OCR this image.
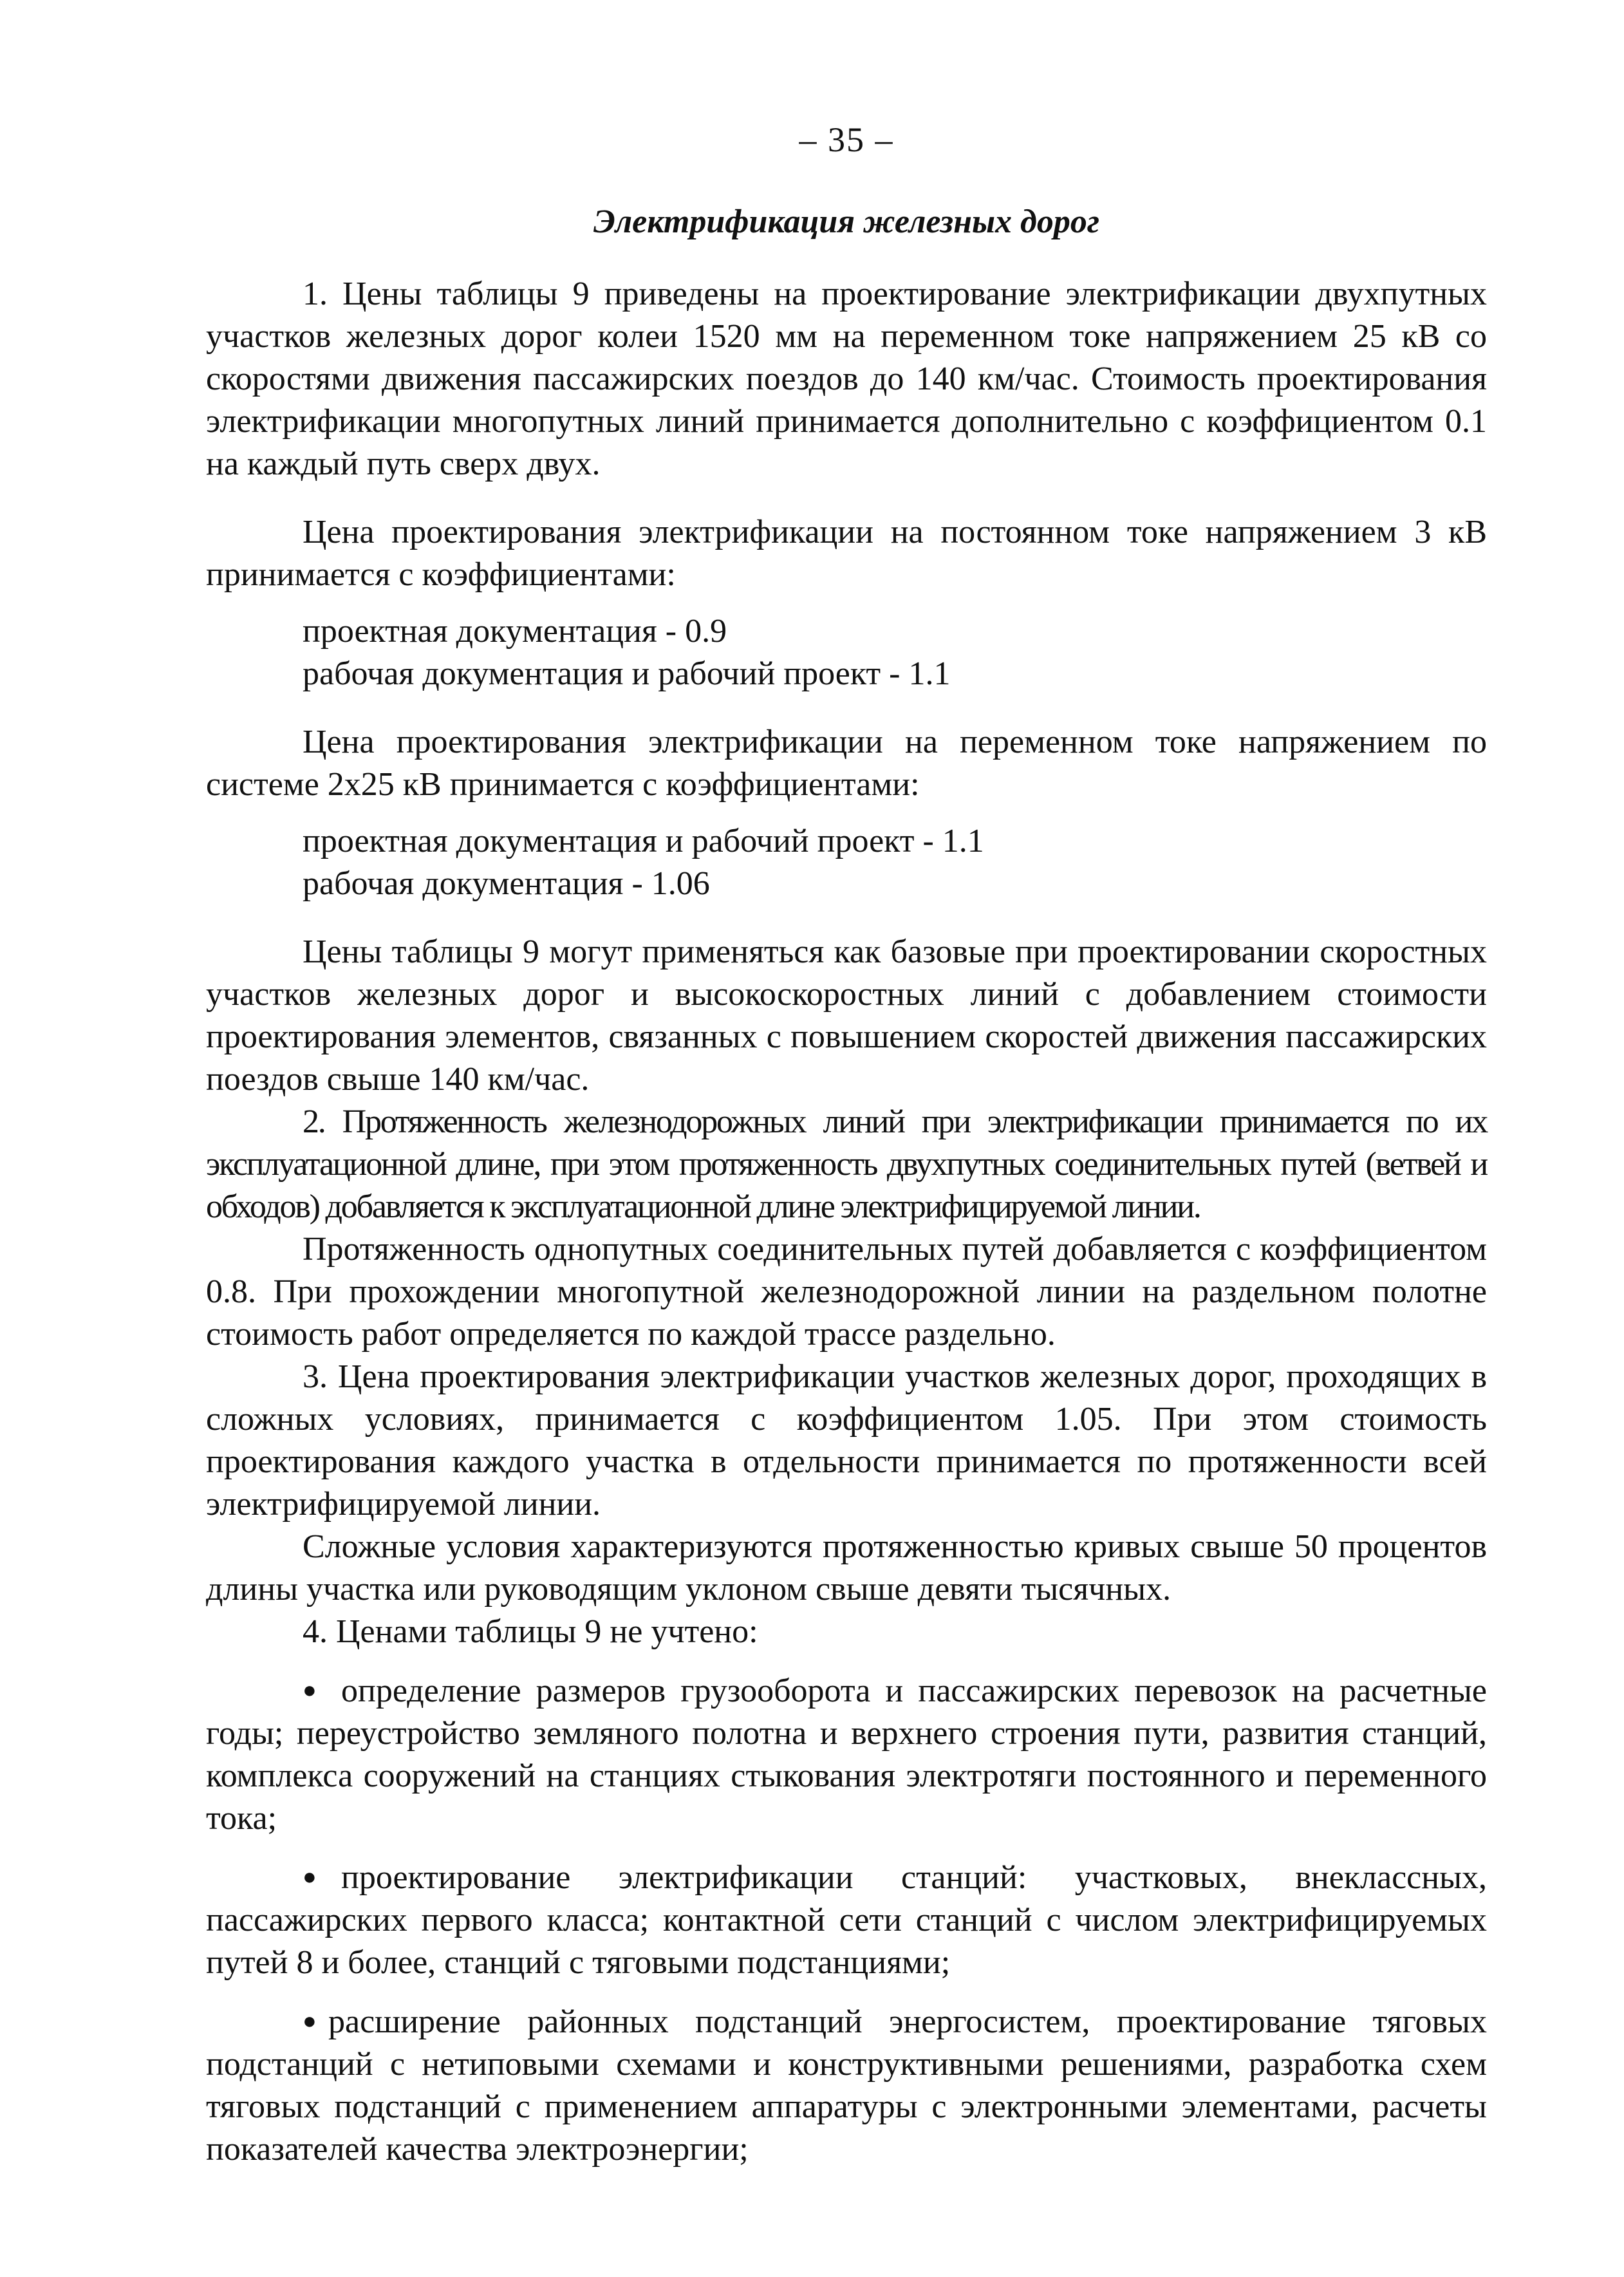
– 35 –
Электрификация железных дорог

1. Цены таблицы 9 приведены на проектирование электрификации двухпутных участков железных дорог колеи 1520 мм на переменном токе напряжением 25 кВ со скоростями движения пассажирских поездов до 140 км/час. Стоимость проектирования электрификации многопутных линий принимается дополнительно с коэффициентом 0.1 на каждый путь сверх двух.

Цена проектирования электрификации на постоянном токе напряжением 3 кВ принимается с коэффициентами:

проектная документация - 0.9

рабочая документация и рабочий проект - 1.1

Цена проектирования электрификации на переменном токе напряжением по системе 2х25 кВ принимается с коэффициентами:

проектная документация и рабочий проект - 1.1

рабочая документация - 1.06

Цены таблицы 9 могут применяться как базовые при проектировании скоростных участков железных дорог и высокоскоростных линий с добавлением стоимости проектирования элементов, связанных с повышением скоростей движения пассажирских поездов свыше 140 км/час.

2. Протяженность железнодорожных линий при электрификации принимается по их эксплуатационной длине, при этом протяженность двухпутных соединительных путей (ветвей и обходов) добавляется к эксплуатационной длине электрифицируемой линии.

Протяженность однопутных соединительных путей добавляется с коэффициентом 0.8. При прохождении многопутной железнодорожной линии на раздельном полотне стоимость работ определяется по каждой трассе раздельно.

3. Цена проектирования электрификации участков железных дорог, проходящих в сложных условиях, принимается с коэффициентом 1.05. При этом стоимость проектирования каждого участка в отдельности принимается по протяженности всей электрифицируемой линии.

Сложные условия характеризуются протяженностью кривых свыше 50 процентов длины участка или руководящим уклоном свыше девяти тысячных.

4. Ценами таблицы 9 не учтено:

● определение размеров грузооборота и пассажирских перевозок на расчетные годы; переустройство земляного полотна и верхнего строения пути, развития станций, комплекса сооружений на станциях стыкования электротяги постоянного и переменного тока;

● проектирование электрификации станций: участковых, внеклассных, пассажирских первого класса; контактной сети станций с числом электрифицируемых путей 8 и более, станций с тяговыми подстанциями;

● расширение районных подстанций энергосистем, проектирование тяговых подстанций с нетиповыми схемами и конструктивными решениями, разработка схем тяговых подстанций с применением аппаратуры с электронными элементами, расчеты показателей качества электроэнергии;
